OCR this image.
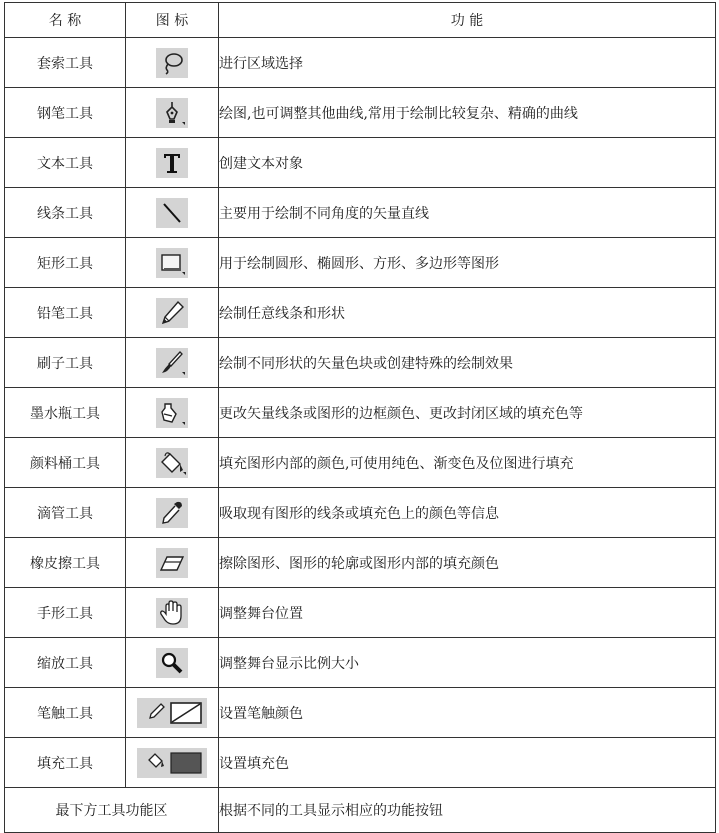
名 称	图 标	功 能
套索工具		进行区域选择
钢笔工具		绘图,也可调整其他曲线,常用于绘制比较复杂、精确的曲线
文本工具		创建文本对象
线条工具		主要用于绘制不同角度的矢量直线
矩形工具		用于绘制圆形、椭圆形、方形、多边形等图形
铅笔工具		绘制任意线条和形状
刷子工具		绘制不同形状的矢量色块或创建特殊的绘制效果
墨水瓶工具		更改矢量线条或图形的边框颜色、更改封闭区域的填充色等
颜料桶工具		填充图形内部的颜色,可使用纯色、渐变色及位图进行填充
滴管工具		吸取现有图形的线条或填充色上的颜色等信息
橡皮擦工具		擦除图形、图形的轮廓或图形内部的填充颜色
手形工具		调整舞台位置
缩放工具		调整舞台显示比例大小
笔触工具		设置笔触颜色
填充工具		设置填充色
最下方工具功能区		根据不同的工具显示相应的功能按钮
